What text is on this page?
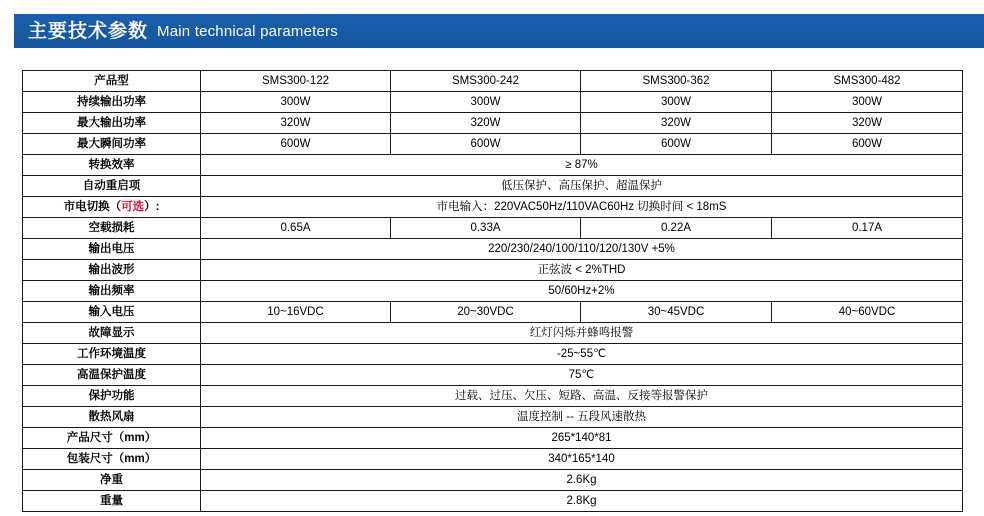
主要技术参数 Main technical parameters
产品型	SMS300-122	SMS300-242	SMS300-362	SMS300-482
持续输出功率	300W	300W	300W	300W
最大输出功率	320W	320W	320W	320W
最大瞬间功率	600W	600W	600W	600W
转换效率	≥ 87%			
自动重启项	低压保护、高压保护、超温保护			
市电切换（可选）:	市电输入：220VAC50Hz/110VAC60Hz 切换时间 < 18mS			
空载损耗	0.65A	0.33A	0.22A	0.17A
输出电压	220/230/240/100/110/120/130V +5%			
输出波形	正弦波 < 2%THD			
输出频率	50/60Hz+2%			
输入电压	10~16VDC	20~30VDC	30~45VDC	40~60VDC
故障显示	红灯闪烁并蜂鸣报警			
工作环境温度	-25~55℃			
高温保护温度	75℃			
保护功能	过载、过压、欠压、短路、高温、反接等报警保护			
散热风扇	温度控制 -- 五段风速散热			
产品尺寸（mm）	265*140*81			
包装尺寸（mm）	340*165*140			
净重	2.6Kg			
重量	2.8Kg			
